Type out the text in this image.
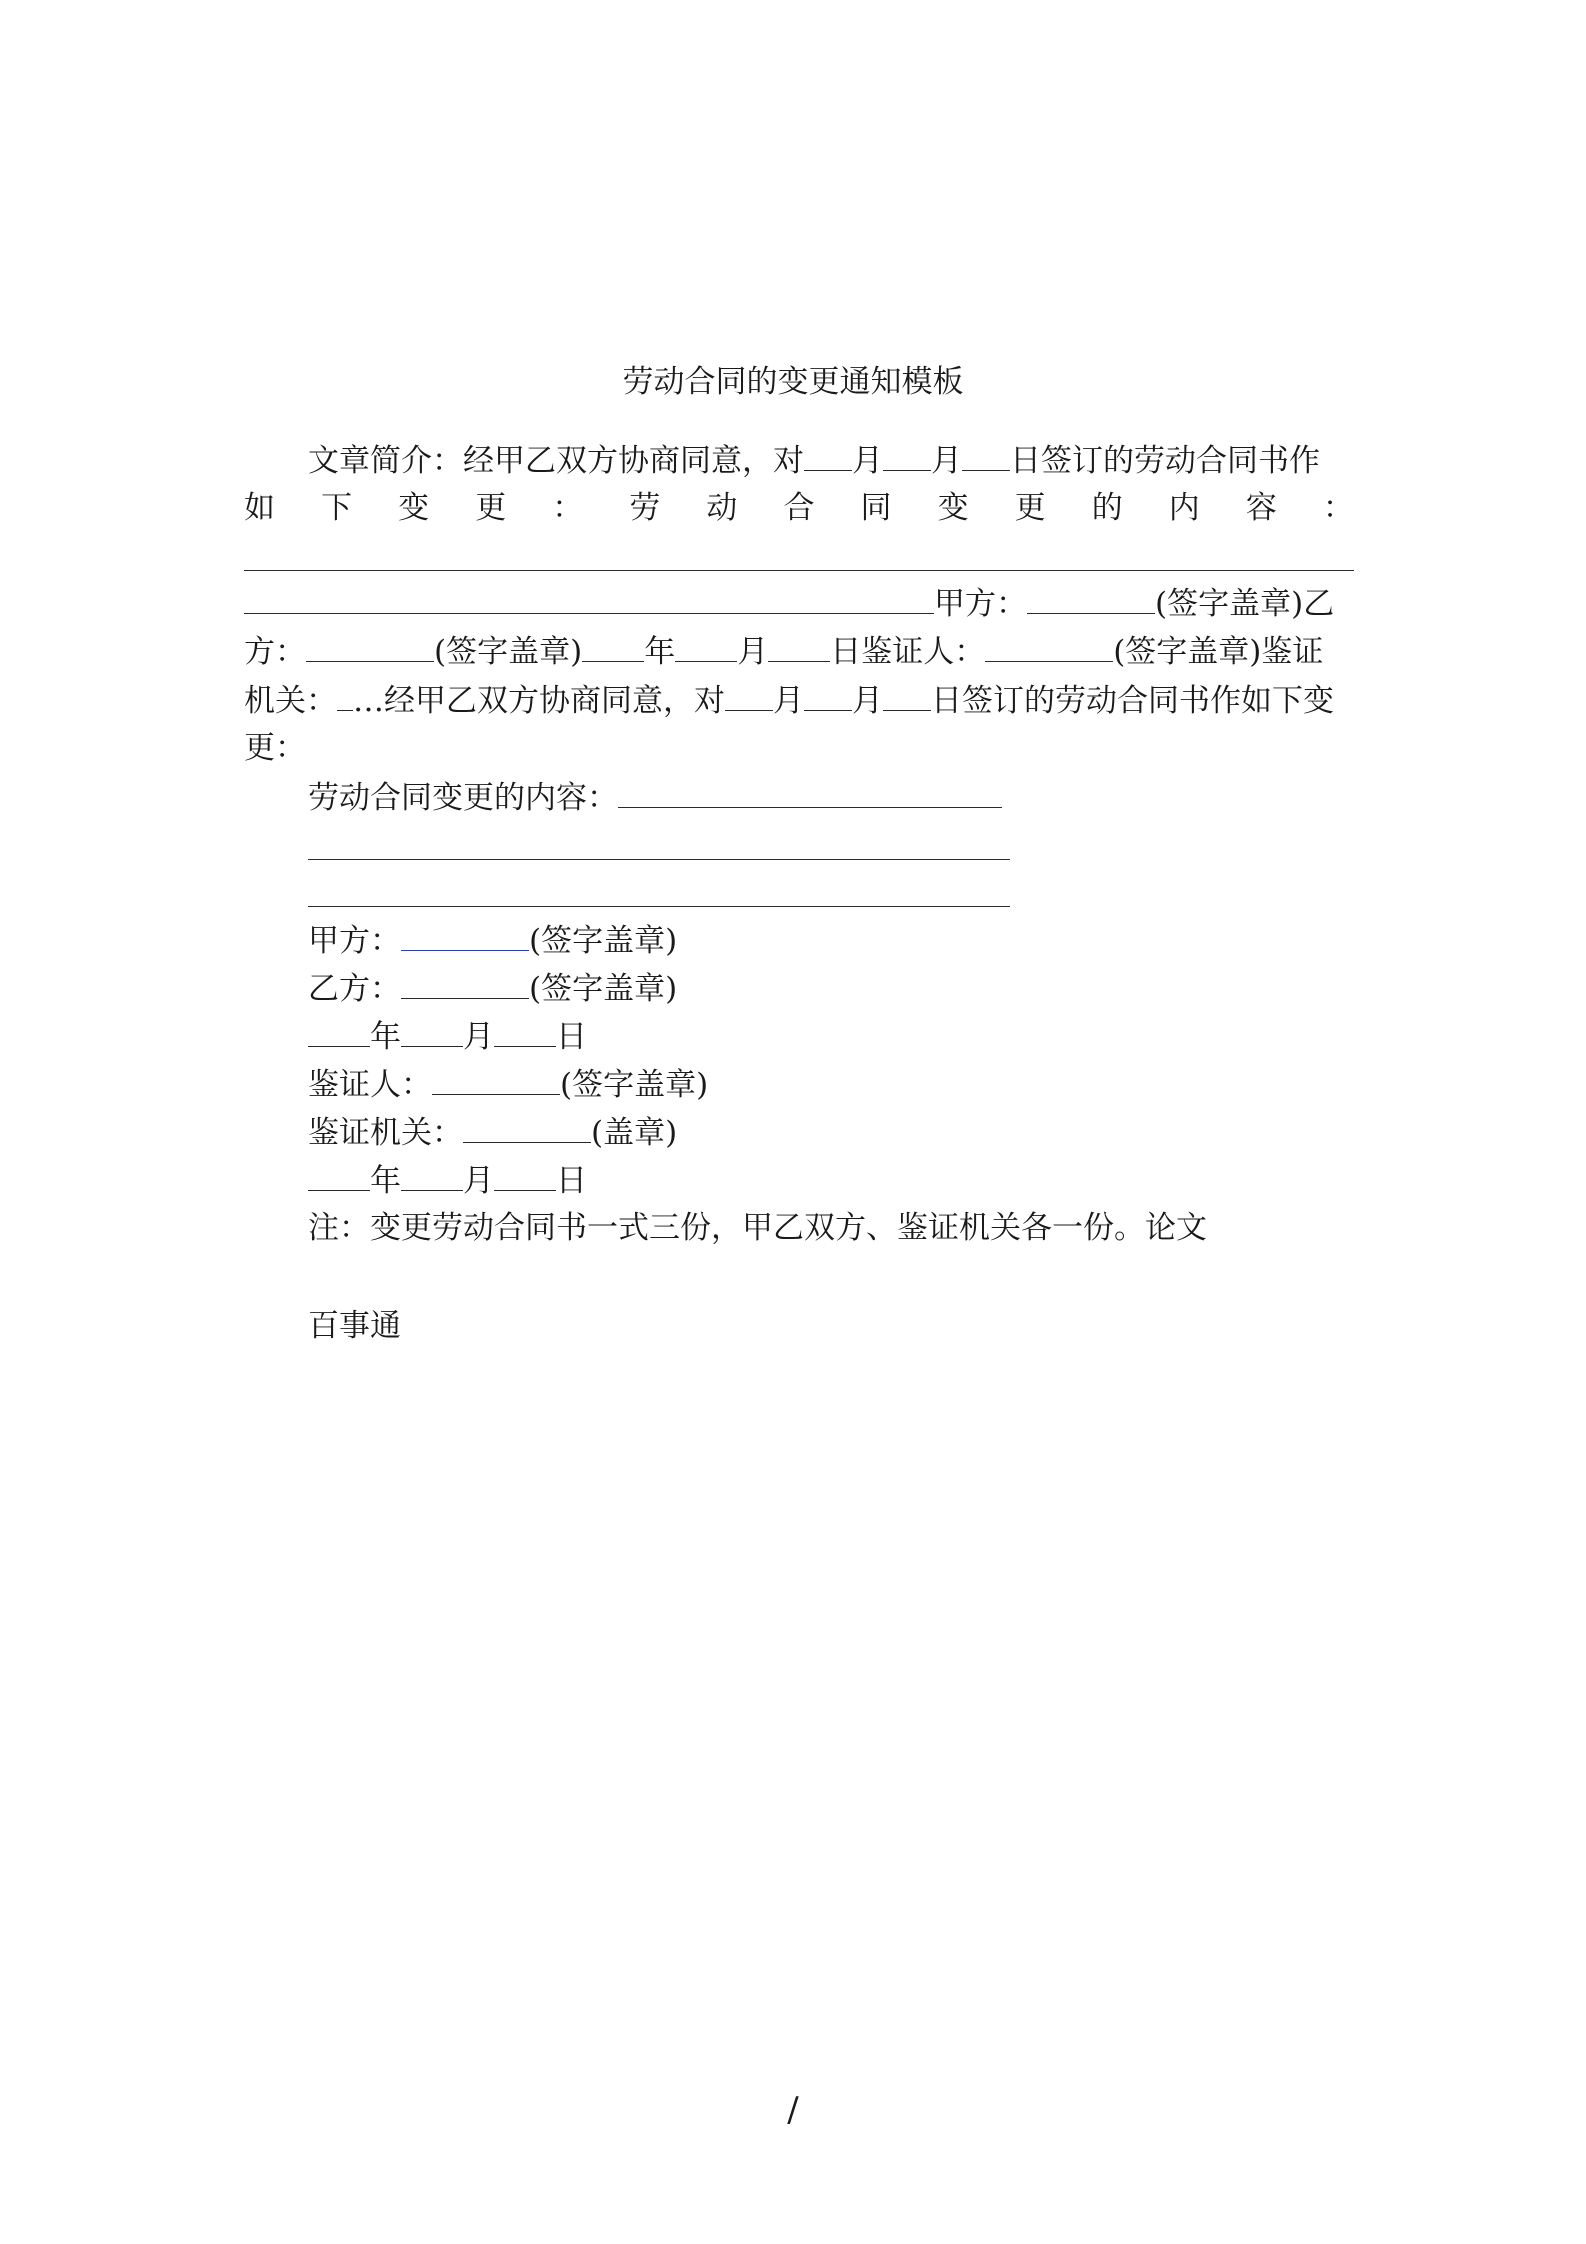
劳动合同的变更通知模板
文章简介：经甲乙双方协商同意，对 月 月 日签订的劳动合同书作
如 下 变 更 ： 劳 动 合 同 变 更 的 内 容 ：
甲方：	(签字盖章)乙
方：	(签字盖章) 年 月 日鉴证人：	(签字盖章)鉴证
机关： …经甲乙双方协商同意，对 月 月 日签订的劳动合同书作如下变
更：
劳动合同变更的内容：
甲方：	(签字盖章)
乙方：	(签字盖章)
年 月 日
鉴证人：	(签字盖章)
鉴证机关：	(盖章)
年 月 日
注：变更劳动合同书一式三份，甲乙双方、鉴证机关各一份。论文
百事通
/
